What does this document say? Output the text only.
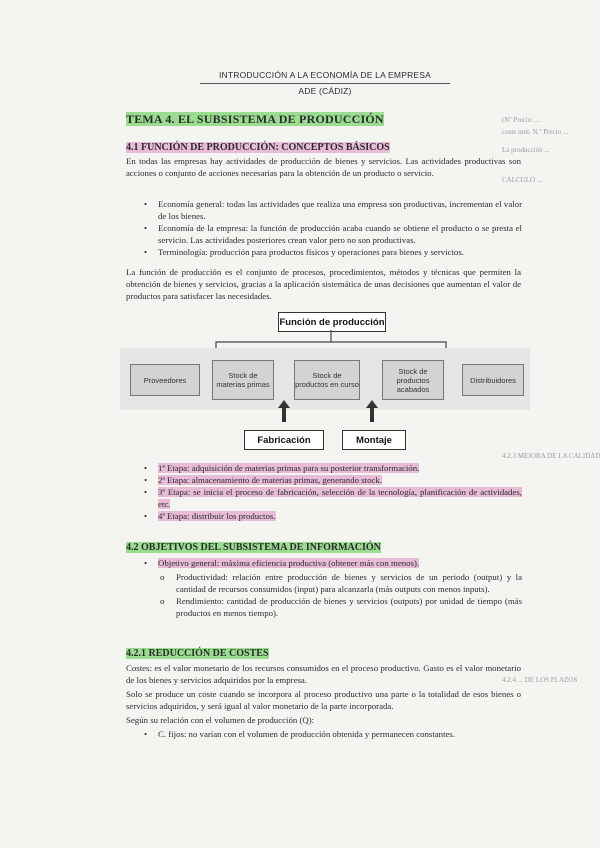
INTRODUCCIÓN A LA ECONOMÍA DE LA EMPRESA
ADE (CÁDIZ)
TEMA 4. EL SUBSISTEMA DE PRODUCCIÓN
4.1 FUNCIÓN DE PRODUCCIÓN: CONCEPTOS BÁSICOS
En todas las empresas hay actividades de producción de bienes y servicios. Las actividades productivas son acciones o conjunto de acciones necesarias para la obtención de un producto o servicio.
• Economía general: todas las actividades que realiza una empresa son productivas, incrementan el valor de los bienes.
• Economía de la empresa: la función de producción acaba cuando se obtiene el producto o se presta el servicio. Las actividades posteriores crean valor pero no son productivas.
• Terminología: producción para productos físicos y operaciones para bienes y servicios.
La función de producción es el conjunto de procesos, procedimientos, métodos y técnicas que permiten la obtención de bienes y servicios, gracias a la aplicación sistemática de unas decisiones que aumentan el valor de productos para satisfacer las necesidades.
Función de producción
Proveedores	Stock de materias primas
Stock de productos en curso
Stock de productos acabados
Distribuidores
Fabricación	Montaje
• 1ª Etapa: adquisición de materias primas para su posterior transformación.
• 2ª Etapa: almacenamiento de materias primas, generando stock.
• 3ª Etapa: se inicia el proceso de fabricación, selección de la tecnología, planificación de actividades, etc.
• 4ª Etapa: distribuir los productos.
4.2 OBJETIVOS DEL SUBSISTEMA DE INFORMACIÓN
• Objetivo general: máxima eficiencia productiva (obtener más con menos).
o Productividad: relación entre producción de bienes y servicios de un periodo (output) y la cantidad de recursos consumidos (input) para alcanzarla (más outputs con menos inputs).
o Rendimiento: cantidad de producción de bienes y servicios (outputs) por unidad de tiempo (más productos en menos tiempo).
4.2.1 REDUCCIÓN DE COSTES
Costes: es el valor monetario de los recursos consumidos en el proceso productivo. Gasto es el valor monetario de los bienes y servicios adquiridos por la empresa.
Solo se produce un coste cuando se incorpora al proceso productivo una parte o la totalidad de esos bienes o servicios adquiridos, y será igual al valor monetario de la parte incorporada.
Según su relación con el volumen de producción (Q):
• C. fijos: no varían con el volumen de producción obtenida y permanecen constantes.
(Nº Precio: ...
coste unit. N.º Precio ...
La producción ...
CÁLCULO ...
4.2.3 MEJORA DE LA CALIDAD
4.2.4 ... DE LOS PLAZOS
